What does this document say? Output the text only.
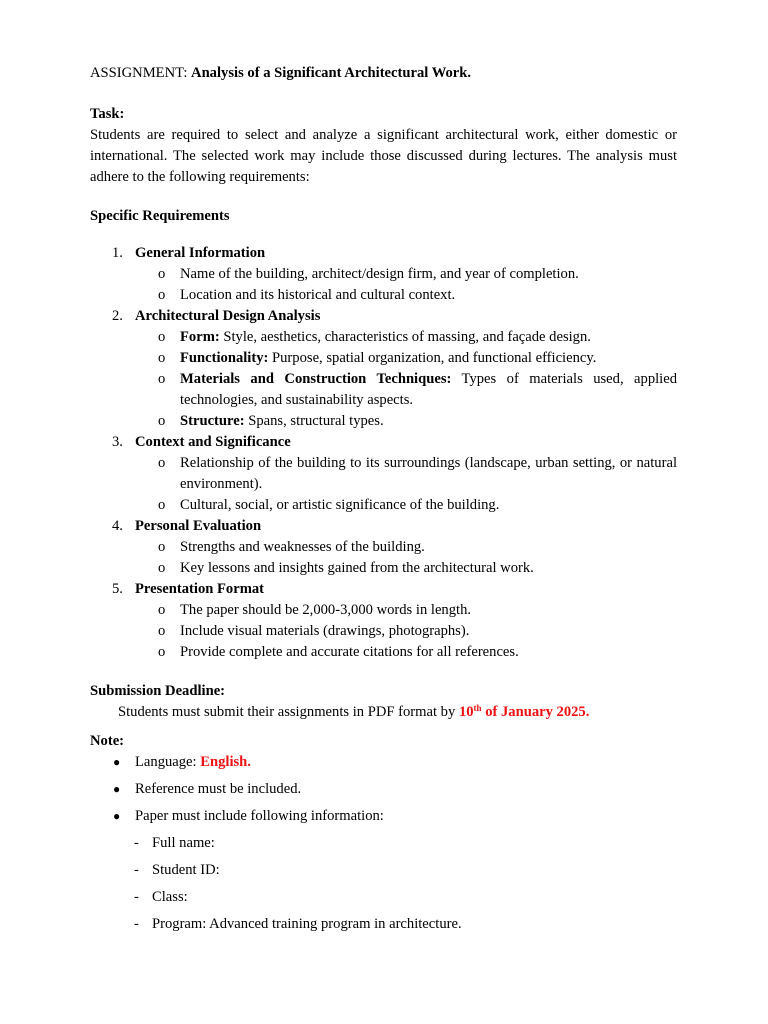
ASSIGNMENT: Analysis of a Significant Architectural Work.

Task:

Students are required to select and analyze a significant architectural work, either domestic or international. The selected work may include those discussed during lectures. The analysis must adhere to the following requirements:

Specific Requirements

1. General Information
o Name of the building, architect/design firm, and year of completion.
o Location and its historical and cultural context.
2. Architectural Design Analysis
o Form: Style, aesthetics, characteristics of massing, and façade design.
o Functionality: Purpose, spatial organization, and functional efficiency.
o Materials and Construction Techniques: Types of materials used, applied technologies, and sustainability aspects.
o Structure: Spans, structural types.
3. Context and Significance
o Relationship of the building to its surroundings (landscape, urban setting, or natural environment).
o Cultural, social, or artistic significance of the building.
4. Personal Evaluation
o Strengths and weaknesses of the building.
o Key lessons and insights gained from the architectural work.
5. Presentation Format
o The paper should be 2,000-3,000 words in length.
o Include visual materials (drawings, photographs).
o Provide complete and accurate citations for all references.

Submission Deadline:

Students must submit their assignments in PDF format by 10th of January 2025.

Note:

● Language: English.
● Reference must be included.
● Paper must include following information:
- Full name:
- Student ID:
- Class:
- Program: Advanced training program in architecture.
